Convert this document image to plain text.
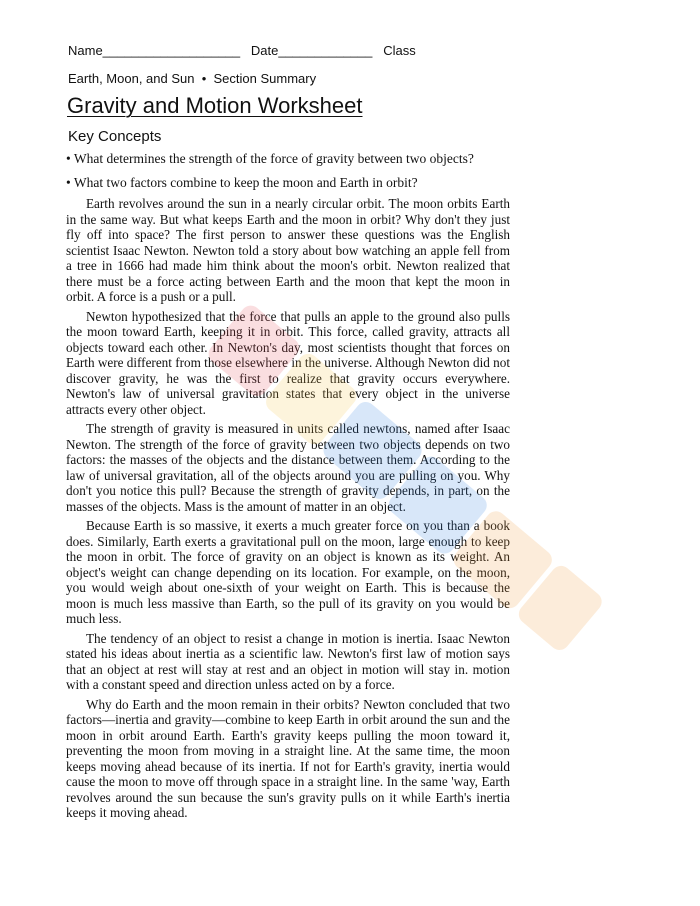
Name___________________ Date_____________ Class
Earth, Moon, and Sun • Section Summary
Gravity and Motion Worksheet
Key Concepts
• What determines the strength of the force of gravity between two objects?
• What two factors combine to keep the moon and Earth in orbit?

Earth revolves around the sun in a nearly circular orbit. The moon orbits Earth in the same way. But what keeps Earth and the moon in orbit? Why don't they just fly off into space? The first person to answer these questions was the English scientist Isaac Newton. Newton told a story about bow watching an apple fell from a tree in 1666 had made him think about the moon's orbit. Newton realized that there must be a force acting between Earth and the moon that kept the moon in orbit. A force is a push or a pull.

Newton hypothesized that the force that pulls an apple to the ground also pulls the moon toward Earth, keeping it in orbit. This force, called gravity, attracts all objects toward each other. In Newton's day, most scientists thought that forces on Earth were different from those elsewhere in the universe. Although Newton did not discover gravity, he was the first to realize that gravity occurs everywhere. Newton's law of universal gravitation states that every object in the universe attracts every other object.

The strength of gravity is measured in units called newtons, named after Isaac Newton. The strength of the force of gravity between two objects depends on two factors: the masses of the objects and the distance between them. According to the law of universal gravitation, all of the objects around you are pulling on you. Why don't you notice this pull? Because the strength of gravity depends, in part, on the masses of the objects. Mass is the amount of matter in an object.

Because Earth is so massive, it exerts a much greater force on you than a book does. Similarly, Earth exerts a gravitational pull on the moon, large enough to keep the moon in orbit. The force of gravity on an object is known as its weight. An object's weight can change depending on its location. For example, on the moon, you would weigh about one-sixth of your weight on Earth. This is because the moon is much less massive than Earth, so the pull of its gravity on you would be much less.

The tendency of an object to resist a change in motion is inertia. Isaac Newton stated his ideas about inertia as a scientific law. Newton's first law of motion says that an object at rest will stay at rest and an object in motion will stay in. motion with a constant speed and direction unless acted on by a force.

Why do Earth and the moon remain in their orbits? Newton concluded that two factors—inertia and gravity—combine to keep Earth in orbit around the sun and the moon in orbit around Earth. Earth's gravity keeps pulling the moon toward it, preventing the moon from moving in a straight line. At the same time, the moon keeps moving ahead because of its inertia. If not for Earth's gravity, inertia would cause the moon to move off through space in a straight line. In the same 'way, Earth revolves around the sun because the sun's gravity pulls on it while Earth's inertia keeps it moving ahead.
